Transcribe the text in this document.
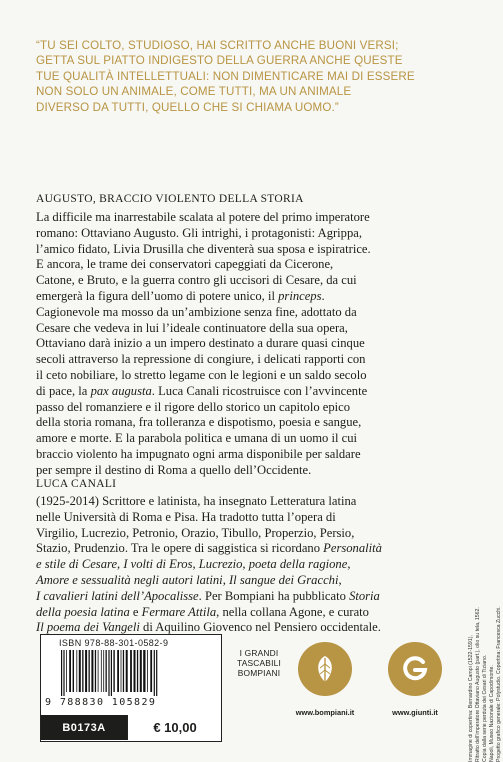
“TU SEI COLTO, STUDIOSO, HAI SCRITTO ANCHE BUONI VERSI;
GETTA SUL PIATTO INDIGESTO DELLA GUERRA ANCHE QUESTE
TUE QUALITÀ INTELLETTUALI: NON DIMENTICARE MAI DI ESSERE
NON SOLO UN ANIMALE, COME TUTTI, MA UN ANIMALE
DIVERSO DA TUTTI, QUELLO CHE SI CHIAMA UOMO.”
AUGUSTO, BRACCIO VIOLENTO DELLA STORIA
La difficile ma inarrestabile scalata al potere del primo imperatore
romano: Ottaviano Augusto. Gli intrighi, i protagonisti: Agrippa,
l’amico fidato, Livia Drusilla che diventerà sua sposa e ispiratrice.
E ancora, le trame dei conservatori capeggiati da Cicerone,
Catone, e Bruto, e la guerra contro gli uccisori di Cesare, da cui
emergerà la figura dell’uomo di potere unico, il princeps.
Cagionevole ma mosso da un’ambizione senza fine, adottato da
Cesare che vedeva in lui l’ideale continuatore della sua opera,
Ottaviano darà inizio a un impero destinato a durare quasi cinque
secoli attraverso la repressione di congiure, i delicati rapporti con
il ceto nobiliare, lo stretto legame con le legioni e un saldo secolo
di pace, la pax augusta. Luca Canali ricostruisce con l’avvincente
passo del romanziere e il rigore dello storico un capitolo epico
della storia romana, fra tolleranza e dispotismo, poesia e sangue,
amore e morte. E la parabola politica e umana di un uomo il cui
braccio violento ha impugnato ogni arma disponibile per saldare
per sempre il destino di Roma a quello dell’Occidente.
LUCA CANALI
(1925-2014) Scrittore e latinista, ha insegnato Letteratura latina
nelle Università di Roma e Pisa. Ha tradotto tutta l’opera di
Virgilio, Lucrezio, Petronio, Orazio, Tibullo, Properzio, Persio,
Stazio, Prudenzio. Tra le opere di saggistica si ricordano Personalità
e stile di Cesare, I volti di Eros, Lucrezio, poeta della ragione,
Amore e sessualità negli autori latini, Il sangue dei Gracchi,
I cavalieri latini dell’Apocalisse. Per Bompiani ha pubblicato Storia
della poesia latina e Fermare Attila, nella collana Agone, e curato
Il poema dei Vangeli di Aquilino Giovenco nel Pensiero occidentale.
Immagine di copertina: Bernardino Campi (1522-1591), Ritratto dell’imperatore Ottaviano Augusto (part.), olio su tela, 1562. Copia dalla serie perduta dei Cesari di Tiziano. Napoli, Museo Nazionale di Capodimonte. Progetto grafico generale: Polystudio. Copertina: Francesca Zucchi.
ISBN 978-88-301-0582-9
9 788830 105829
B0173A	€ 10,00
I GRANDI
TASCABILI
BOMPIANI
www.bompiani.it	www.giunti.it
